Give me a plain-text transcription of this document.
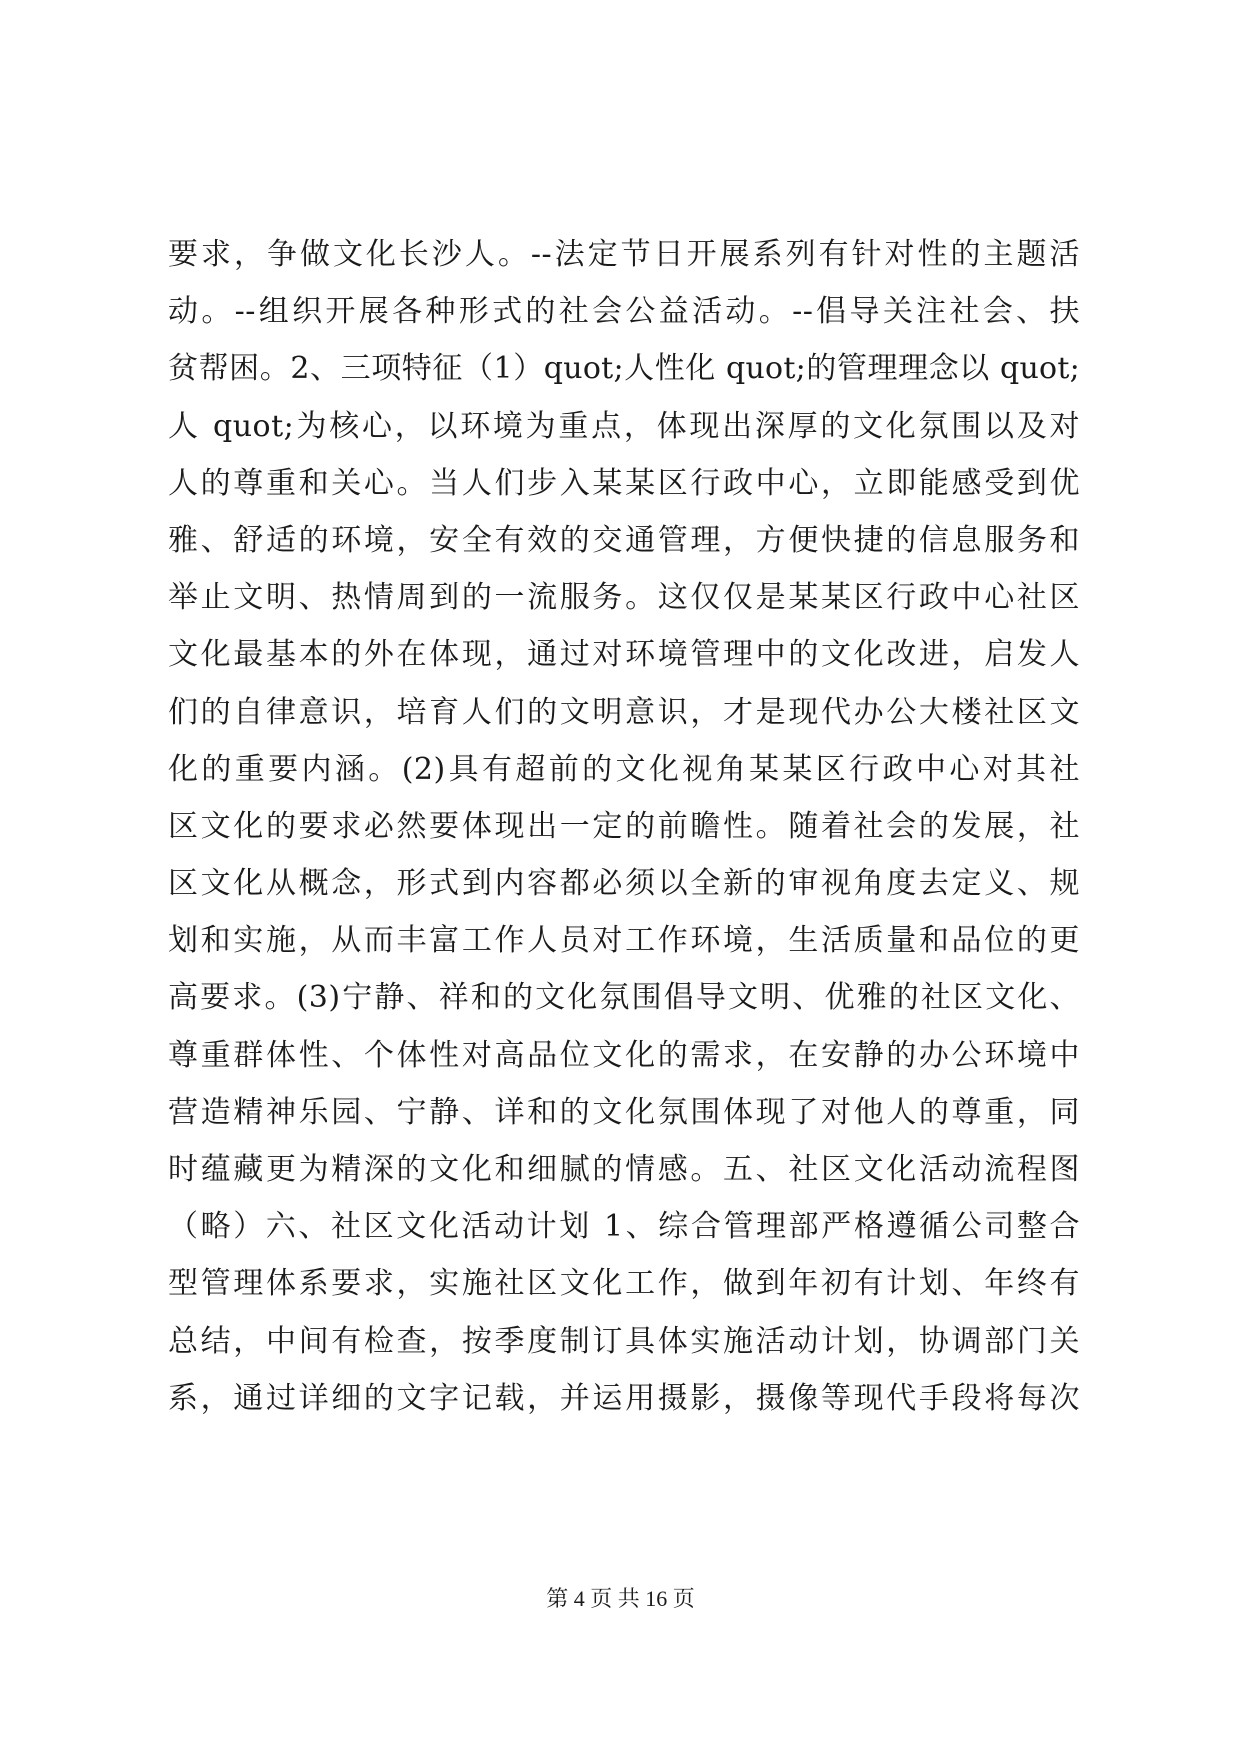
要求，争做文化长沙人。--法定节日开展系列有针对性的主题活
动。--组织开展各种形式的社会公益活动。--倡导关注社会、扶
贫帮困。2、三项特征（1）quot;人性化 quot;的管理理念以 quot;
人 quot;为核心，以环境为重点，体现出深厚的文化氛围以及对
人的尊重和关心。当人们步入某某区行政中心，立即能感受到优
雅、舒适的环境，安全有效的交通管理，方便快捷的信息服务和
举止文明、热情周到的一流服务。这仅仅是某某区行政中心社区
文化最基本的外在体现，通过对环境管理中的文化改进，启发人
们的自律意识，培育人们的文明意识，才是现代办公大楼社区文
化的重要内涵。(2)具有超前的文化视角某某区行政中心对其社
区文化的要求必然要体现出一定的前瞻性。随着社会的发展，社
区文化从概念，形式到内容都必须以全新的审视角度去定义、规
划和实施，从而丰富工作人员对工作环境，生活质量和品位的更
高要求。(3)宁静、祥和的文化氛围倡导文明、优雅的社区文化、
尊重群体性、个体性对高品位文化的需求，在安静的办公环境中
营造精神乐园、宁静、详和的文化氛围体现了对他人的尊重，同
时蕴藏更为精深的文化和细腻的情感。五、社区文化活动流程图
（略）六、社区文化活动计划 1、综合管理部严格遵循公司整合
型管理体系要求，实施社区文化工作，做到年初有计划、年终有
总结，中间有检查，按季度制订具体实施活动计划，协调部门关
系，通过详细的文字记载，并运用摄影，摄像等现代手段将每次
第 4 页 共 16 页
